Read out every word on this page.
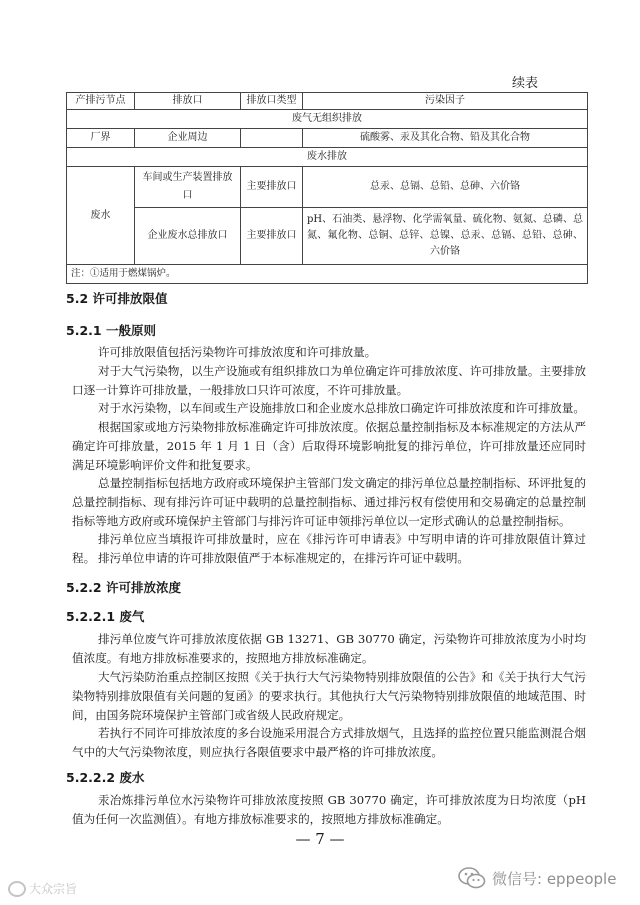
续表
产排污节点	排放口	排放口类型	污染因子
废气无组织排放			
厂界	企业周边		硫酸雾、汞及其化合物、铅及其化合物
废水排放			
废水	车间或生产装置排放口	主要排放口	总汞、总镉、总铅、总砷、六价铬
	企业废水总排放口	主要排放口	pH、石油类、悬浮物、化学需氧量、硫化物、氨氮、总磷、总氮、氟化物、总铜、总锌、总镍、总汞、总镉、总铅、总砷、六价铬
注：①适用于燃煤锅炉。			
5.2 许可排放限值
5.2.1 一般原则
许可排放限值包括污染物许可排放浓度和许可排放量。
对于大气污染物，以生产设施或有组织排放口为单位确定许可排放浓度、许可排放量。主要排放口逐一计算许可排放量，一般排放口只许可浓度，不许可排放量。
对于水污染物，以车间或生产设施排放口和企业废水总排放口确定许可排放浓度和许可排放量。
根据国家或地方污染物排放标准确定许可排放浓度。依据总量控制指标及本标准规定的方法从严确定许可排放量，2015 年 1 月 1 日（含）后取得环境影响批复的排污单位，许可排放量还应同时满足环境影响评价文件和批复要求。
总量控制指标包括地方政府或环境保护主管部门发文确定的排污单位总量控制指标、环评批复的总量控制指标、现有排污许可证中载明的总量控制指标、通过排污权有偿使用和交易确定的总量控制指标等地方政府或环境保护主管部门与排污许可证申领排污单位以一定形式确认的总量控制指标。
排污单位应当填报许可排放量时，应在《排污许可申请表》中写明申请的许可排放限值计算过程。 排污单位申请的许可排放限值严于本标准规定的，在排污许可证中载明。
5.2.2 许可排放浓度
5.2.2.1 废气
排污单位废气许可排放浓度依据 GB 13271、GB 30770 确定，污染物许可排放浓度为小时均值浓度。有地方排放标准要求的，按照地方排放标准确定。
大气污染防治重点控制区按照《关于执行大气污染物特别排放限值的公告》和《关于执行大气污染物特别排放限值有关问题的复函》的要求执行。其他执行大气污染物特别排放限值的地域范围、时间，由国务院环境保护主管部门或省级人民政府规定。
若执行不同许可排放浓度的多台设施采用混合方式排放烟气，且选择的监控位置只能监测混合烟气中的大气污染物浓度，则应执行各限值要求中最严格的许可排放浓度。
5.2.2.2 废水
汞冶炼排污单位水污染物许可排放浓度按照 GB 30770 确定，许可排放浓度为日均浓度（pH 值为任何一次监测值）。有地方排放标准要求的，按照地方排放标准确定。
— 7 —
大众宗旨
微信号: eppeople
